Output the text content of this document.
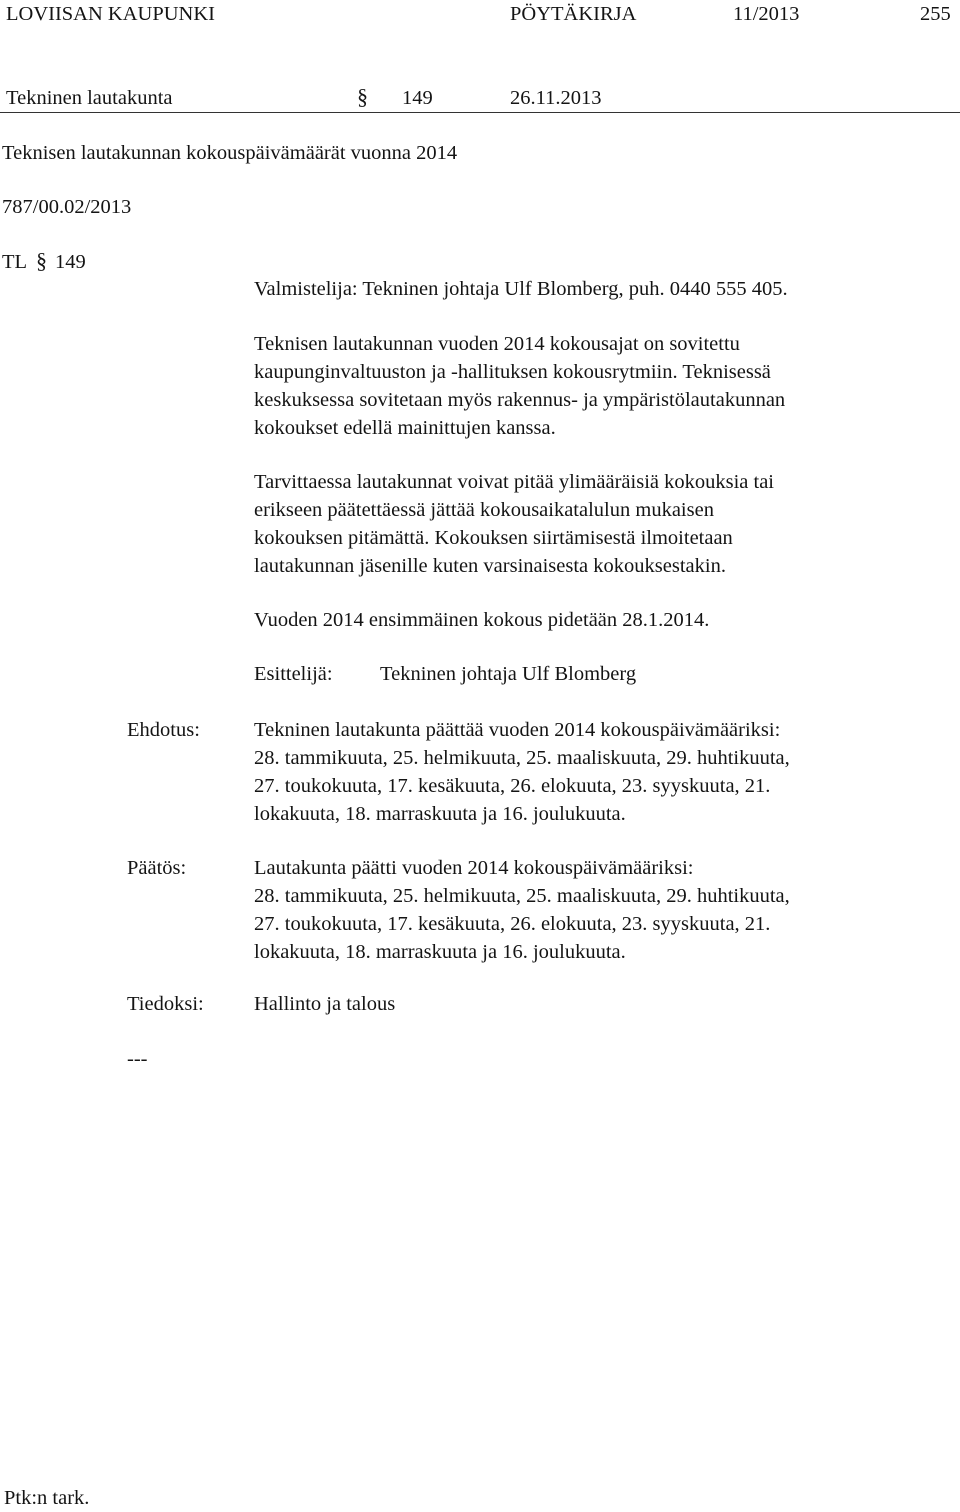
LOVIISAN KAUPUNKI	PÖYTÄKIRJA	11/2013	255
Tekninen lautakunta	§ 149	26.11.2013
Teknisen lautakunnan kokouspäivämäärät vuonna 2014
787/00.02/2013
TL § 149
Valmistelija: Tekninen johtaja Ulf Blomberg, puh. 0440 555 405.
Teknisen lautakunnan vuoden 2014 kokousajat on sovitettu
kaupunginvaltuuston ja -hallituksen kokousrytmiin. Teknisessä
keskuksessa sovitetaan myös rakennus- ja ympäristölautakunnan
kokoukset edellä mainittujen kanssa.
Tarvittaessa lautakunnat voivat pitää ylimääräisiä kokouksia tai
erikseen päätettäessä jättää kokousaikatalulun mukaisen
kokouksen pitämättä. Kokouksen siirtämisestä ilmoitetaan
lautakunnan jäsenille kuten varsinaisesta kokouksestakin.
Vuoden 2014 ensimmäinen kokous pidetään 28.1.2014.
Esittelijä: Tekninen johtaja Ulf Blomberg
Ehdotus:	Tekninen lautakunta päättää vuoden 2014 kokouspäivämääriksi:
28. tammikuuta, 25. helmikuuta, 25. maaliskuuta, 29. huhtikuuta,
27. toukokuuta, 17. kesäkuuta, 26. elokuuta, 23. syyskuuta, 21.
lokakuuta, 18. marraskuuta ja 16. joulukuuta.
Päätös:	Lautakunta päätti vuoden 2014 kokouspäivämääriksi:
28. tammikuuta, 25. helmikuuta, 25. maaliskuuta, 29. huhtikuuta,
27. toukokuuta, 17. kesäkuuta, 26. elokuuta, 23. syyskuuta, 21.
lokakuuta, 18. marraskuuta ja 16. joulukuuta.
Tiedoksi: Hallinto ja talous
---
Ptk:n tark.
